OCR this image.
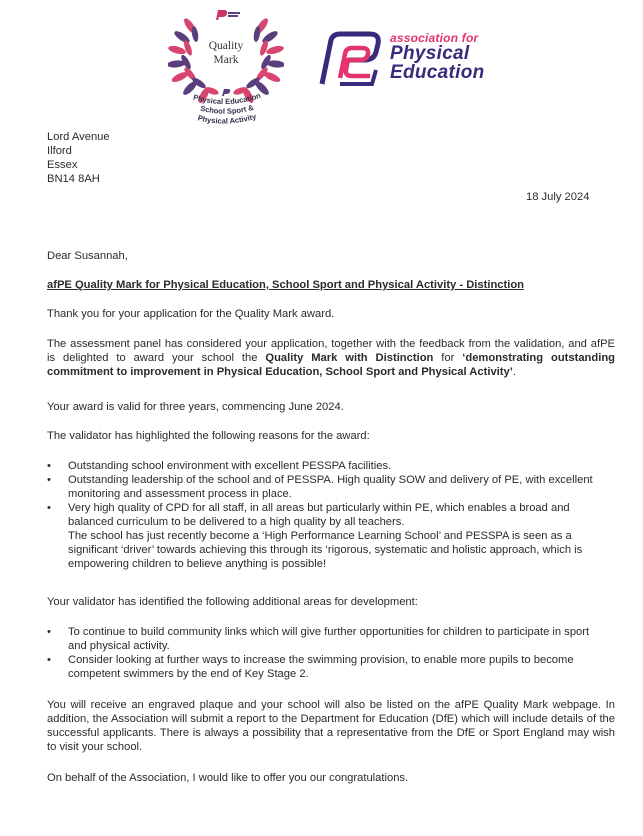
Physical Education
School Sport &
Physical Activity
Quality
Mark
association for
Physical
Education
Lord Avenue
Ilford
Essex
BN14 8AH
18 July 2024
Dear Susannah,
afPE Quality Mark for Physical Education, School Sport and Physical Activity - Distinction
Thank you for your application for the Quality Mark award.
The assessment panel has considered your application, together with the feedback from the validation, and afPE is delighted to award your school the Quality Mark with Distinction for ‘demonstrating outstanding commitment to improvement in Physical Education, School Sport and Physical Activity’.
Your award is valid for three years, commencing June 2024.
The validator has highlighted the following reasons for the award:
• Outstanding school environment with excellent PESSPA facilities.
• Outstanding leadership of the school and of PESSPA. High quality SOW and delivery of PE, with excellent monitoring and assessment process in place.
• Very high quality of CPD for all staff, in all areas but particularly within PE, which enables a broad and balanced curriculum to be delivered to a high quality by all teachers.
The school has just recently become a ‘High Performance Learning School’ and PESSPA is seen as a significant ‘driver’ towards achieving this through its ‘rigorous, systematic and holistic approach, which is empowering children to believe anything is possible!
Your validator has identified the following additional areas for development:
• To continue to build community links which will give further opportunities for children to participate in sport and physical activity.
• Consider looking at further ways to increase the swimming provision, to enable more pupils to become competent swimmers by the end of Key Stage 2.
You will receive an engraved plaque and your school will also be listed on the afPE Quality Mark webpage. In addition, the Association will submit a report to the Department for Education (DfE) which will include details of the successful applicants. There is always a possibility that a representative from the DfE or Sport England may wish to visit your school.
On behalf of the Association, I would like to offer you our congratulations.
